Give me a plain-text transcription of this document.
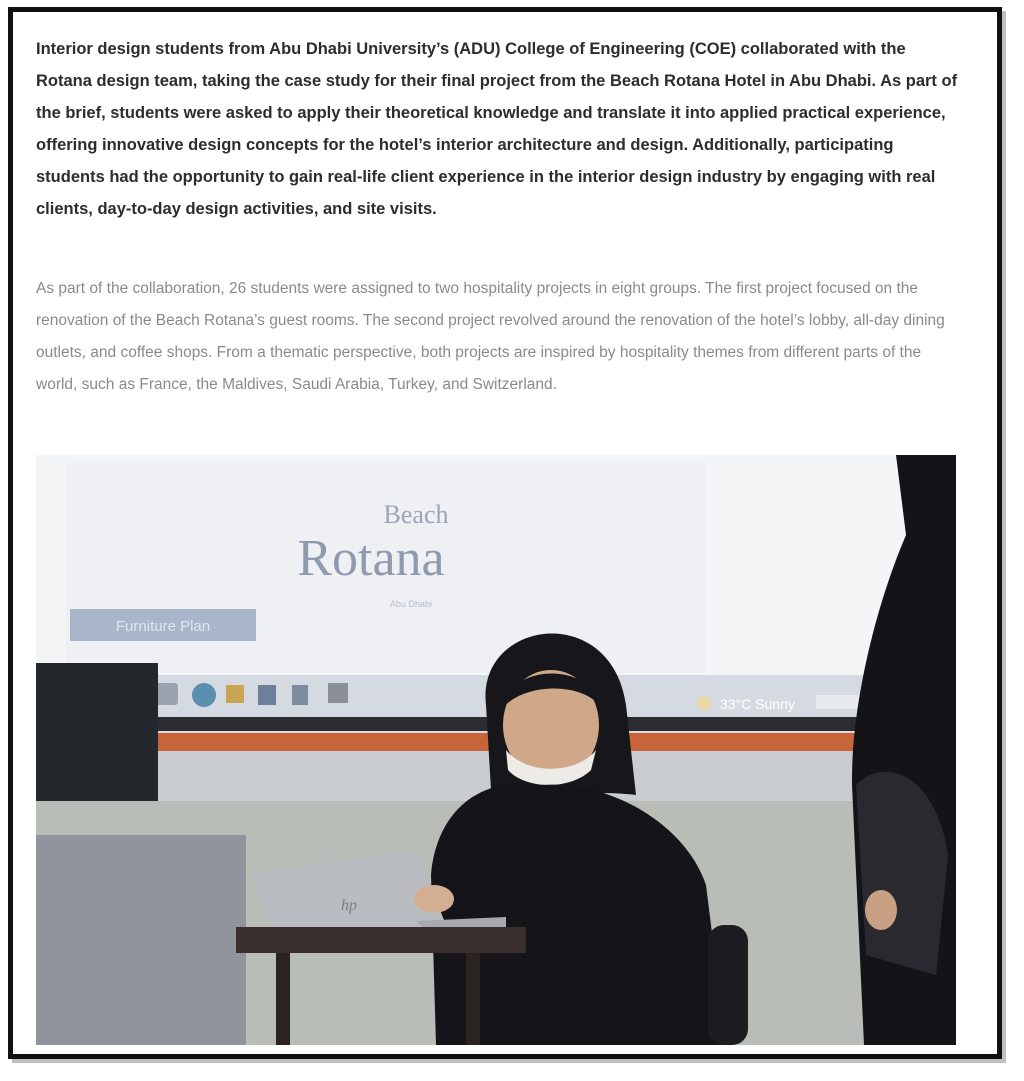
Interior design students from Abu Dhabi University’s (ADU) College of Engineering (COE) collaborated with the Rotana design team, taking the case study for their final project from the Beach Rotana Hotel in Abu Dhabi. As part of the brief, students were asked to apply their theoretical knowledge and translate it into applied practical experience, offering innovative design concepts for the hotel’s interior architecture and design. Additionally, participating students had the opportunity to gain real-life client experience in the interior design industry by engaging with real clients, day-to-day design activities, and site visits.

As part of the collaboration, 26 students were assigned to two hospitality projects in eight groups. The first project focused on the renovation of the Beach Rotana’s guest rooms. The second project revolved around the renovation of the hotel’s lobby, all-day dining outlets, and coffee shops. From a thematic perspective, both projects are inspired by hospitality themes from different parts of the world, such as France, the Maldives, Saudi Arabia, Turkey, and Switzerland.

Beach
Rotana
Abu Dhabi
Furniture Plan
33°C Sunny
hp
